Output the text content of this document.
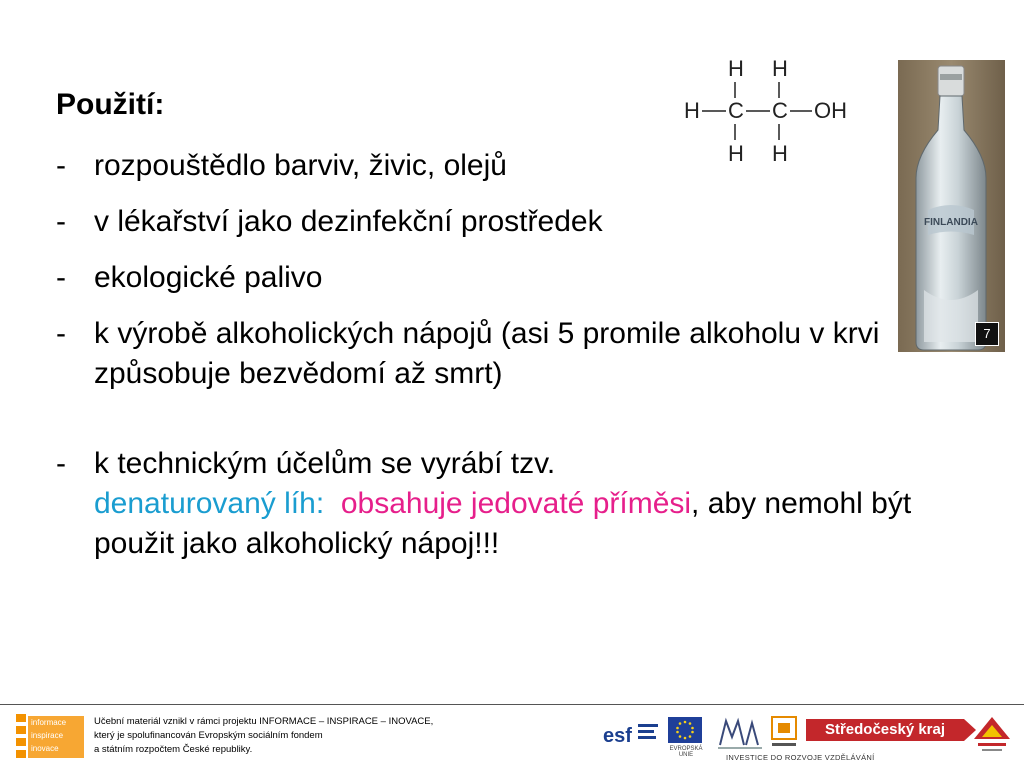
Použití:
- rozpouštědlo barviv, živic, olejů
- v lékařství jako dezinfekční prostředek
- ekologické palivo
- k výrobě alkoholických nápojů (asi 5 promile alkoholu v krvi způsobuje bezvědomí až smrt)
- k technickým účelům se vyrábí tzv.
denaturovaný líh: obsahuje jedovaté příměsi, aby nemohl být použit jako alkoholický nápoj!!!
H H
H C C OH
H H
FINLANDIA
7
informace
inspirace
inovace
Učební materiál vznikl v rámci projektu INFORMACE – INSPIRACE – INOVACE,
který je spolufinancován Evropským sociálním fondem
a státním rozpočtem České republiky.
esf
EVROPSKÁ UNIE
Středočeský kraj
INVESTICE DO ROZVOJE VZDĚLÁVÁNÍ
